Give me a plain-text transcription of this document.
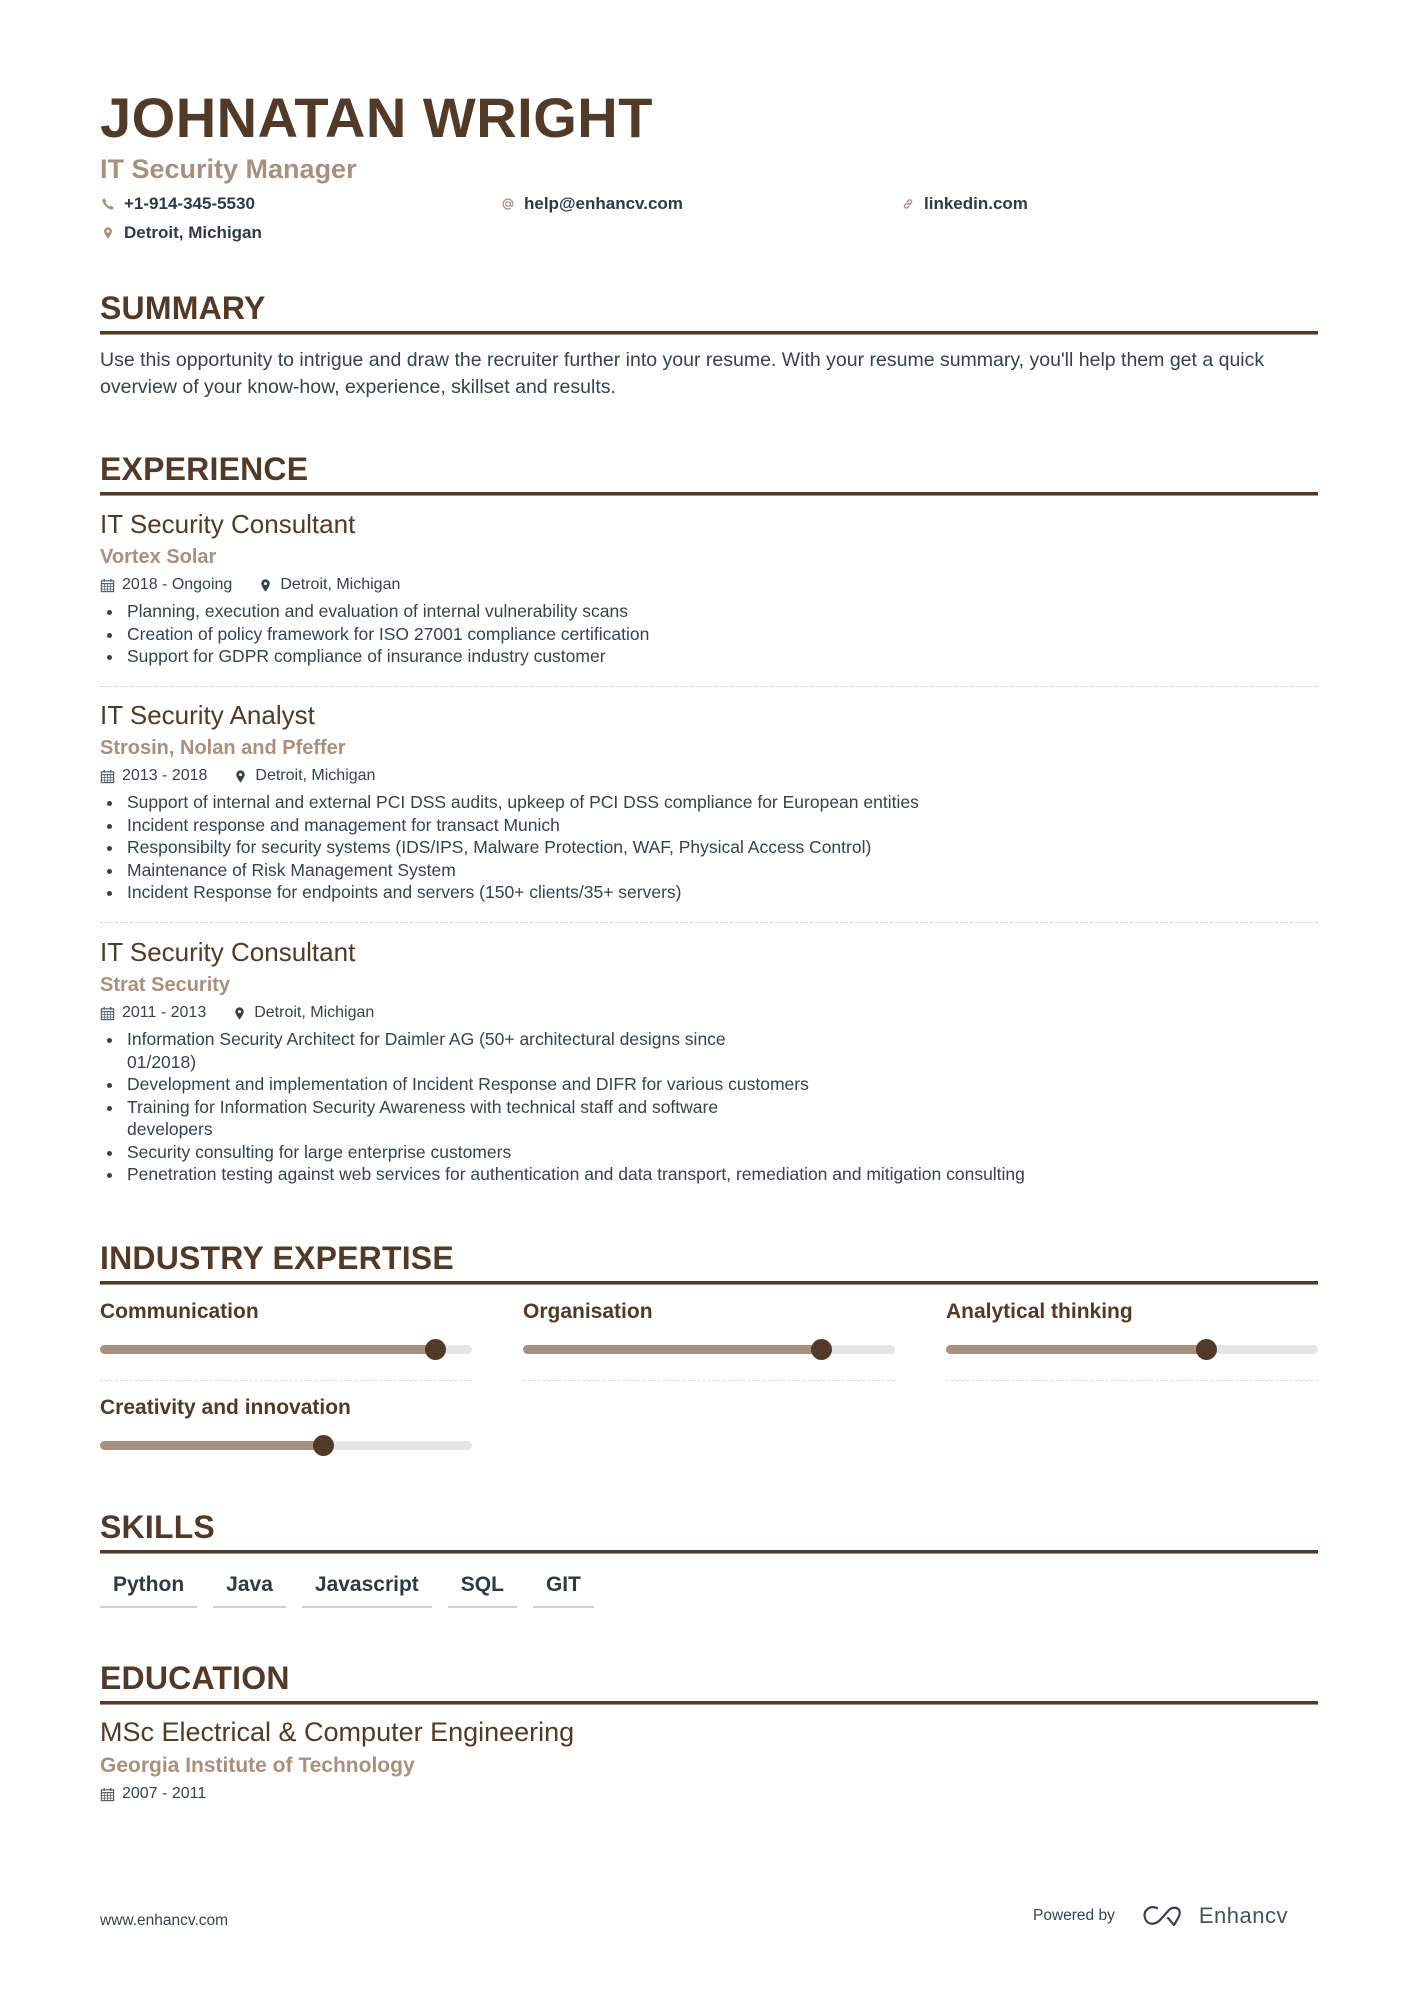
JOHNATAN WRIGHT
IT Security Manager
+1-914-345-5530	help@enhancv.com	linkedin.com
Detroit, Michigan
SUMMARY
Use this opportunity to intrigue and draw the recruiter further into your resume. With your resume summary, you'll help them get a quick overview of your know-how, experience, skillset and results.
EXPERIENCE
IT Security Consultant
Vortex Solar
2018 - Ongoing	Detroit, Michigan
Planning, execution and evaluation of internal vulnerability scans
Creation of policy framework for ISO 27001 compliance certification
Support for GDPR compliance of insurance industry customer
IT Security Analyst
Strosin, Nolan and Pfeffer
2013 - 2018	Detroit, Michigan
Support of internal and external PCI DSS audits, upkeep of PCI DSS compliance for European entities
Incident response and management for transact Munich
Responsibilty for security systems (IDS/IPS, Malware Protection, WAF, Physical Access Control)
Maintenance of Risk Management System
Incident Response for endpoints and servers (150+ clients/35+ servers)
IT Security Consultant
Strat Security
2011 - 2013	Detroit, Michigan
Information Security Architect for Daimler AG (50+ architectural designs since 01/2018)
Development and implementation of Incident Response and DIFR for various customers
Training for Information Security Awareness with technical staff and software developers
Security consulting for large enterprise customers
Penetration testing against web services for authentication and data transport, remediation and mitigation consulting
INDUSTRY EXPERTISE
Communication	Organisation	Analytical thinking
Creativity and innovation
SKILLS
Python	Java	Javascript	SQL	GIT
EDUCATION
MSc Electrical & Computer Engineering
Georgia Institute of Technology
2007 - 2011
www.enhancv.com	Powered by	Enhancv
